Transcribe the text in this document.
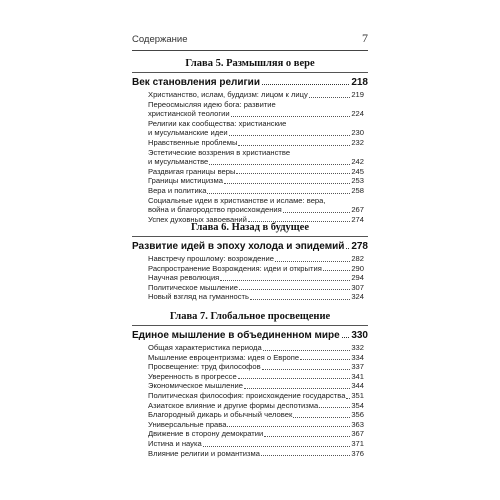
Содержание	7
Глава 5. Размышляя о вере
Век становления религии	218
Христианство, ислам, буддизм: лицом к лицу	219
Переосмысляя идею бога: развитие
христианской теологии	224
Религии как сообщества: христианские
и мусульманские идеи	230
Нравственные проблемы	232
Эстетические воззрения в христианстве
и мусульманстве	242
Раздвигая границы веры	245
Границы мистицизма	253
Вера и политика	258
Социальные идеи в христианстве и исламе: вера,
война и благородство происхождения	267
Успех духовных завоеваний	274
Глава 6. Назад в будущее
Развитие идей в эпоху холода и эпидемий 278
Навстречу прошлому: возрождение	282
Распространение Возрождения: идеи и открытия	290
Научная революция	294
Политическое мышление	307
Новый взгляд на гуманность	324
Глава 7. Глобальное просвещение
Единое мышление в объединенном мире 330
Общая характеристика периода	332
Мышление евроцентризма: идея о Европе	334
Просвещение: труд философов	337
Уверенность в прогрессе	341
Экономическое мышление	344
Политическая философия: происхождение государства 351
Азиатское влияние и другие формы деспотизма	354
Благородный дикарь и обычный человек	356
Универсальные права	363
Движение в сторону демократии	367
Истина и наука	371
Влияние религии и романтизма	376
